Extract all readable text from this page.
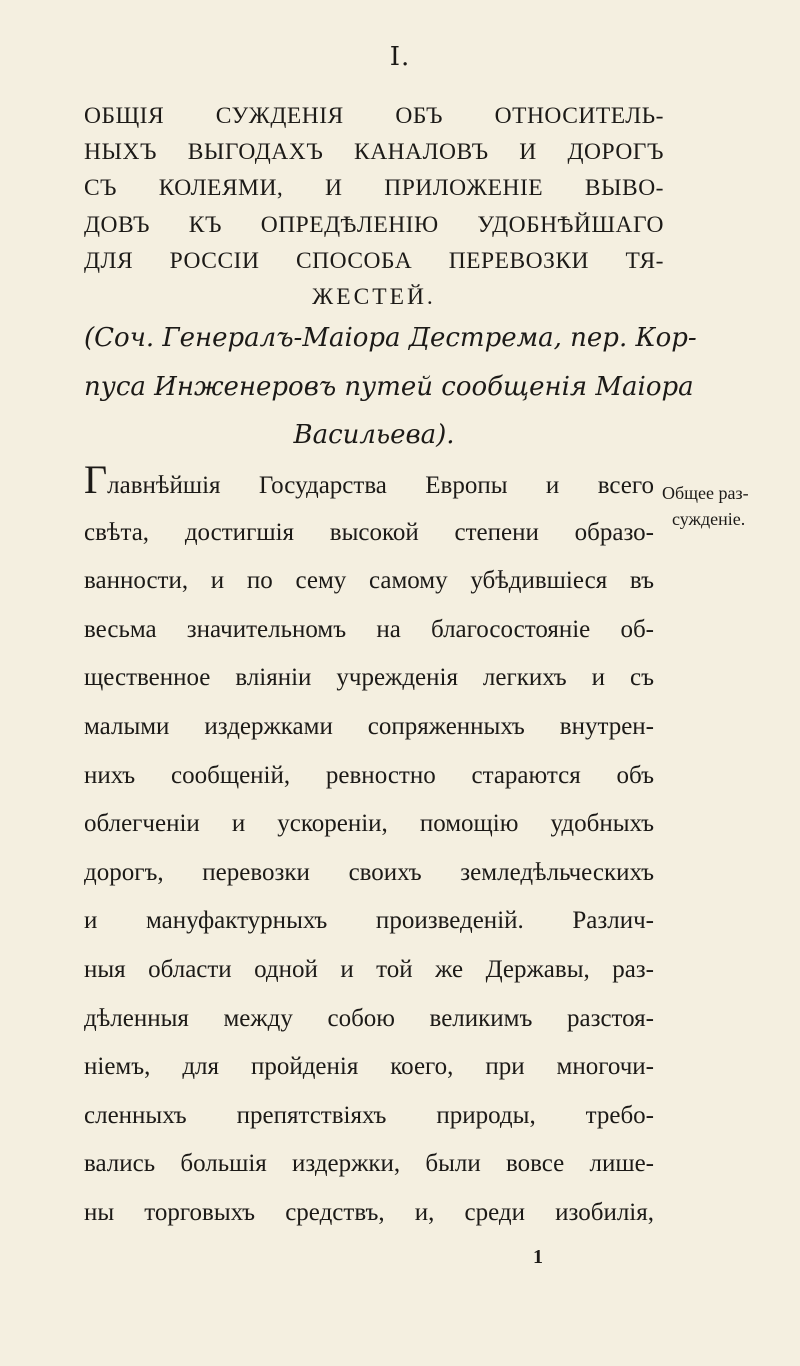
I.
ОБЩІЯ СУЖДЕНІЯ ОБЪ ОТНОСИТЕЛЬ-
НЫХЪ ВЫГОДАХЪ КАНАЛОВЪ И ДОРОГЪ
СЪ КОЛЕЯМИ, И ПРИЛОЖЕНІЕ ВЫВО-
ДОВЪ КЪ ОПРЕДѢЛЕНІЮ УДОБНѢЙШАГО
ДЛЯ РОССІИ СПОСОБА ПЕРЕВОЗКИ ТЯ-
ЖЕСТЕЙ.
(Соч. Генералъ-Маіора Дестрема, пер. Кор-
пуса Инженеровъ путей сообщенія Маіора
Васильева).
Главнѣйшія Государства Европы и всего
свѣта, достигшія высокой степени образо-
ванности, и по сему самому убѣдившіеся въ
весьма значительномъ на благосостояніе об-
щественное вліяніи учрежденія легкихъ и съ
малыми издержками сопряженныхъ внутрен-
нихъ сообщеній, ревностно стараются объ
облегченіи и ускореніи, помощію удобныхъ
дорогъ, перевозки своихъ земледѣльческихъ
и мануфактурныхъ произведеній. Различ-
ныя области одной и той же Державы, раз-
дѣленныя между собою великимъ разстоя-
ніемъ, для пройденія коего, при многочи-
сленныхъ препятствіяхъ природы, требо-
вались большія издержки, были вовсе лише-
ны торговыхъ средствъ, и, среди изобилія,
Общее раз-
сужденіе.
1
